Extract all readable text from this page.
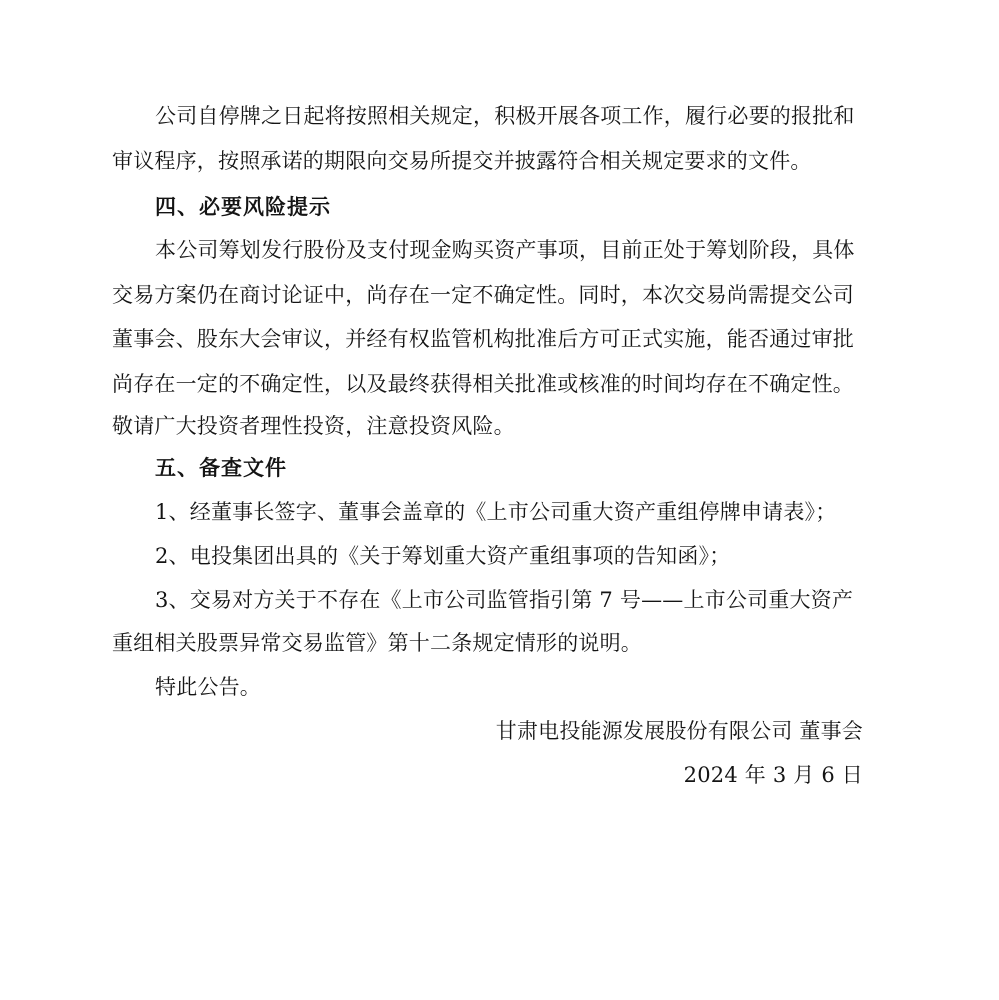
公司自停牌之日起将按照相关规定，积极开展各项工作，履行必要的报批和
审议程序，按照承诺的期限向交易所提交并披露符合相关规定要求的文件。
四、必要风险提示
本公司筹划发行股份及支付现金购买资产事项，目前正处于筹划阶段，具体
交易方案仍在商讨论证中，尚存在一定不确定性。同时，本次交易尚需提交公司
董事会、股东大会审议，并经有权监管机构批准后方可正式实施，能否通过审批
尚存在一定的不确定性，以及最终获得相关批准或核准的时间均存在不确定性。
敬请广大投资者理性投资，注意投资风险。
五、备查文件
1、经董事长签字、董事会盖章的《上市公司重大资产重组停牌申请表》；
2、电投集团出具的《关于筹划重大资产重组事项的告知函》；
3、交易对方关于不存在《上市公司监管指引第 7 号——上市公司重大资产
重组相关股票异常交易监管》第十二条规定情形的说明。
特此公告。
甘肃电投能源发展股份有限公司 董事会
2024 年 3 月 6 日
